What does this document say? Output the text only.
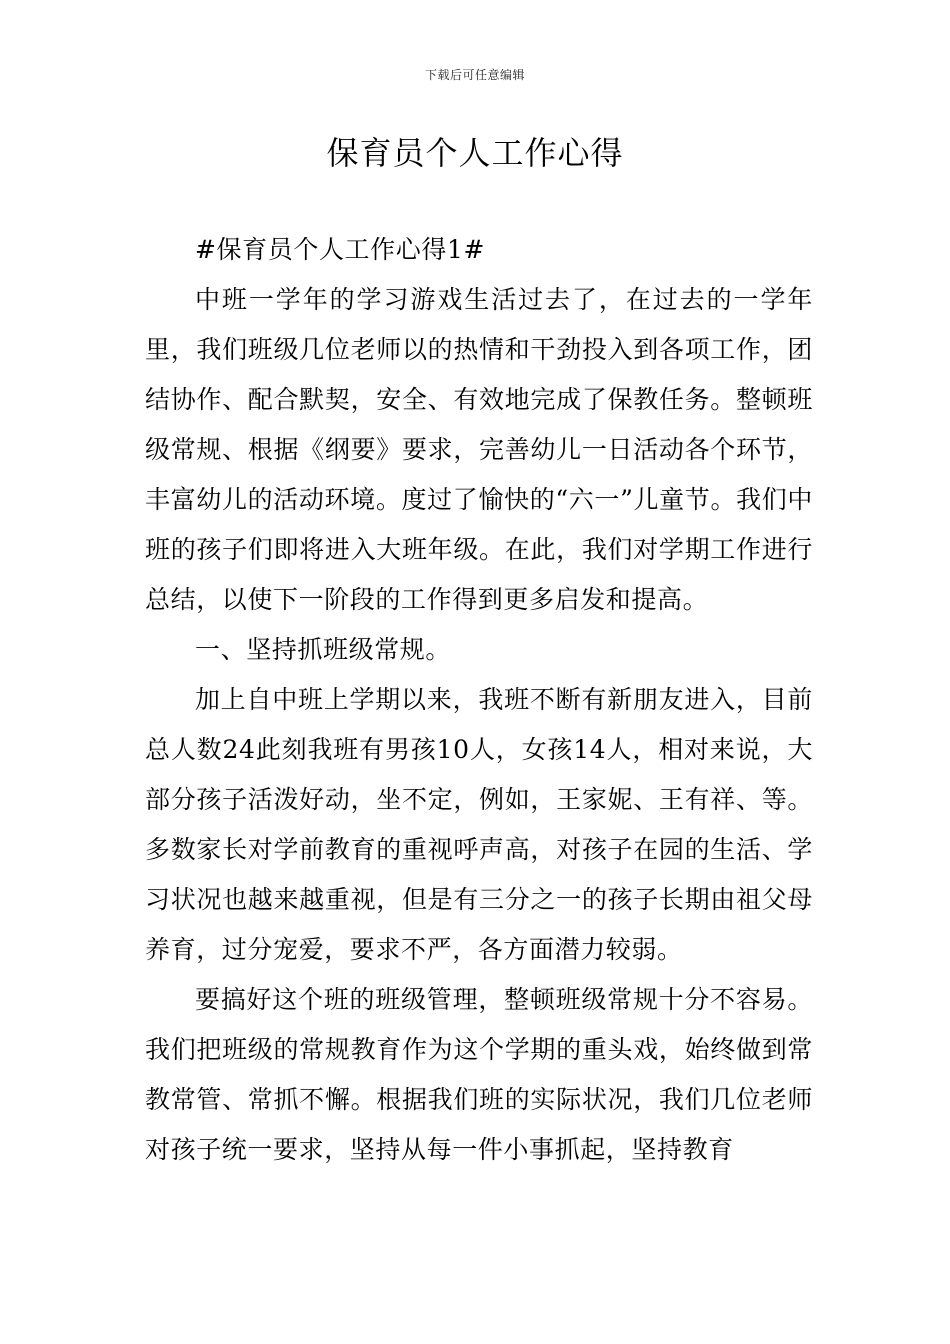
下载后可任意编辑
保育员个人工作心得

#保育员个人工作心得1#

中班一学年的学习游戏生活过去了，在过去的一学年里，我们班级几位老师以的热情和干劲投入到各项工作，团结协作、配合默契，安全、有效地完成了保教任务。整顿班级常规、根据《纲要》要求，完善幼儿一日活动各个环节，丰富幼儿的活动环境。度过了愉快的“六一”儿童节。我们中班的孩子们即将进入大班年级。在此，我们对学期工作进行总结，以使下一阶段的工作得到更多启发和提高。

一、坚持抓班级常规。

加上自中班上学期以来，我班不断有新朋友进入，目前总人数24此刻我班有男孩10人，女孩14人，相对来说，大部分孩子活泼好动，坐不定，例如，王家妮、王有祥、等。多数家长对学前教育的重视呼声高，对孩子在园的生活、学习状况也越来越重视，但是有三分之一的孩子长期由祖父母养育，过分宠爱，要求不严，各方面潜力较弱。

要搞好这个班的班级管理，整顿班级常规十分不容易。我们把班级的常规教育作为这个学期的重头戏，始终做到常教常管、常抓不懈。根据我们班的实际状况，我们几位老师对孩子统一要求，坚持从每一件小事抓起，坚持教育
